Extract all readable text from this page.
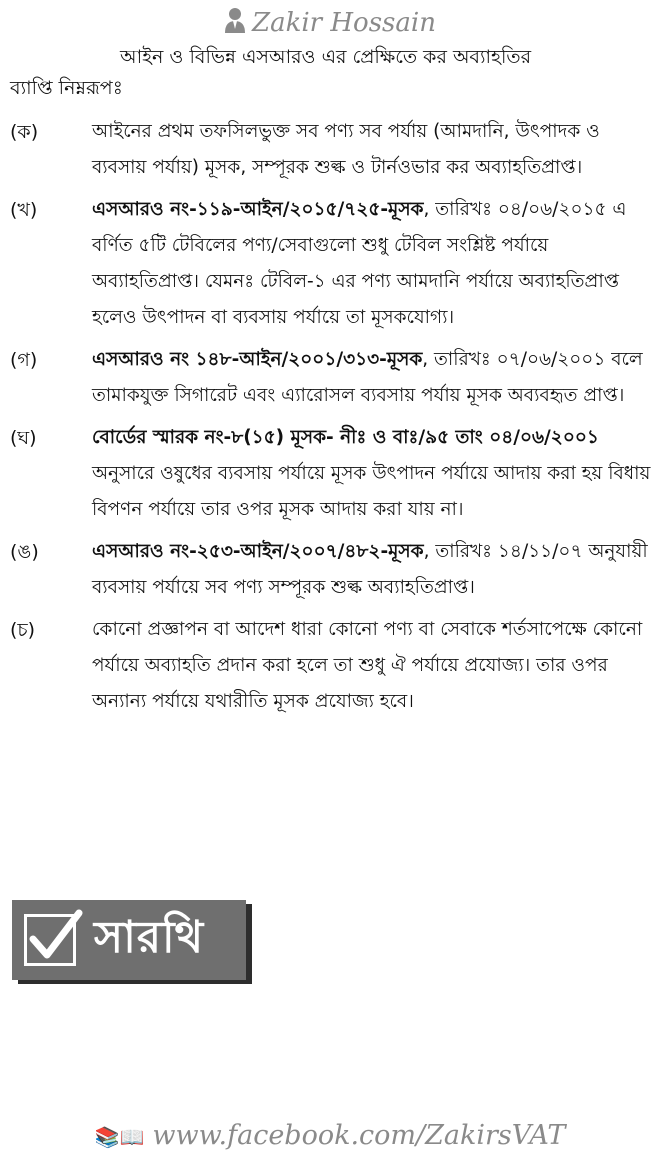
Zakir Hossain
আইন ও বিভিন্ন এসআরও এর প্রেক্ষিতে কর অব্যাহতির
ব্যাপ্তি নিম্নরূপঃ
(ক)	আইনের প্রথম তফসিলভুক্ত সব পণ্য সব পর্যায় (আমদানি, উৎপাদক ও ব্যবসায় পর্যায়) মূসক, সম্পূরক শুল্ক ও টার্নওভার কর অব্যাহতিপ্রাপ্ত।
(খ)	এসআরও নং-১১৯-আইন/২০১৫/৭২৫-মূসক, তারিখঃ ০৪/০৬/২০১৫ এ বর্ণিত ৫টি টেবিলের পণ্য/সেবাগুলো শুধু টেবিল সংশ্লিষ্ট পর্যায়ে অব্যাহতিপ্রাপ্ত। যেমনঃ টেবিল-১ এর পণ্য আমদানি পর্যায়ে অব্যাহতিপ্রাপ্ত হলেও উৎপাদন বা ব্যবসায় পর্যায়ে তা মূসকযোগ্য।
(গ)	এসআরও নং ১৪৮-আইন/২০০১/৩১৩-মূসক, তারিখঃ ০৭/০৬/২০০১ বলে তামাকযুক্ত সিগারেট এবং এ্যারোসল ব্যবসায় পর্যায় মূসক অব্যবহৃত প্রাপ্ত।
(ঘ)	বোর্ডের স্মারক নং-৮(১৫) মূসক- নীঃ ও বাঃ/৯৫ তাং ০৪/০৬/২০০১ অনুসারে ওষুধের ব্যবসায় পর্যায়ে মূসক উৎপাদন পর্যায়ে আদায় করা হয় বিধায় বিপণন পর্যায়ে তার ওপর মূসক আদায় করা যায় না।
(ঙ)	এসআরও নং-২৫৩-আইন/২০০৭/৪৮২-মূসক, তারিখঃ ১৪/১১/০৭ অনুযায়ী ব্যবসায় পর্যায়ে সব পণ্য সম্পূরক শুল্ক অব্যাহতিপ্রাপ্ত।
(চ)	কোনো প্রজ্ঞাপন বা আদেশ ধারা কোনো পণ্য বা সেবাকে শর্তসাপেক্ষে কোনো পর্যায়ে অব্যাহতি প্রদান করা হলে তা শুধু ঐ পর্যায়ে প্রযোজ্য। তার ওপর অন্যান্য পর্যায়ে যথারীতি মূসক প্রযোজ্য হবে।
সারথি
📚📖 www.facebook.com/ZakirsVAT
